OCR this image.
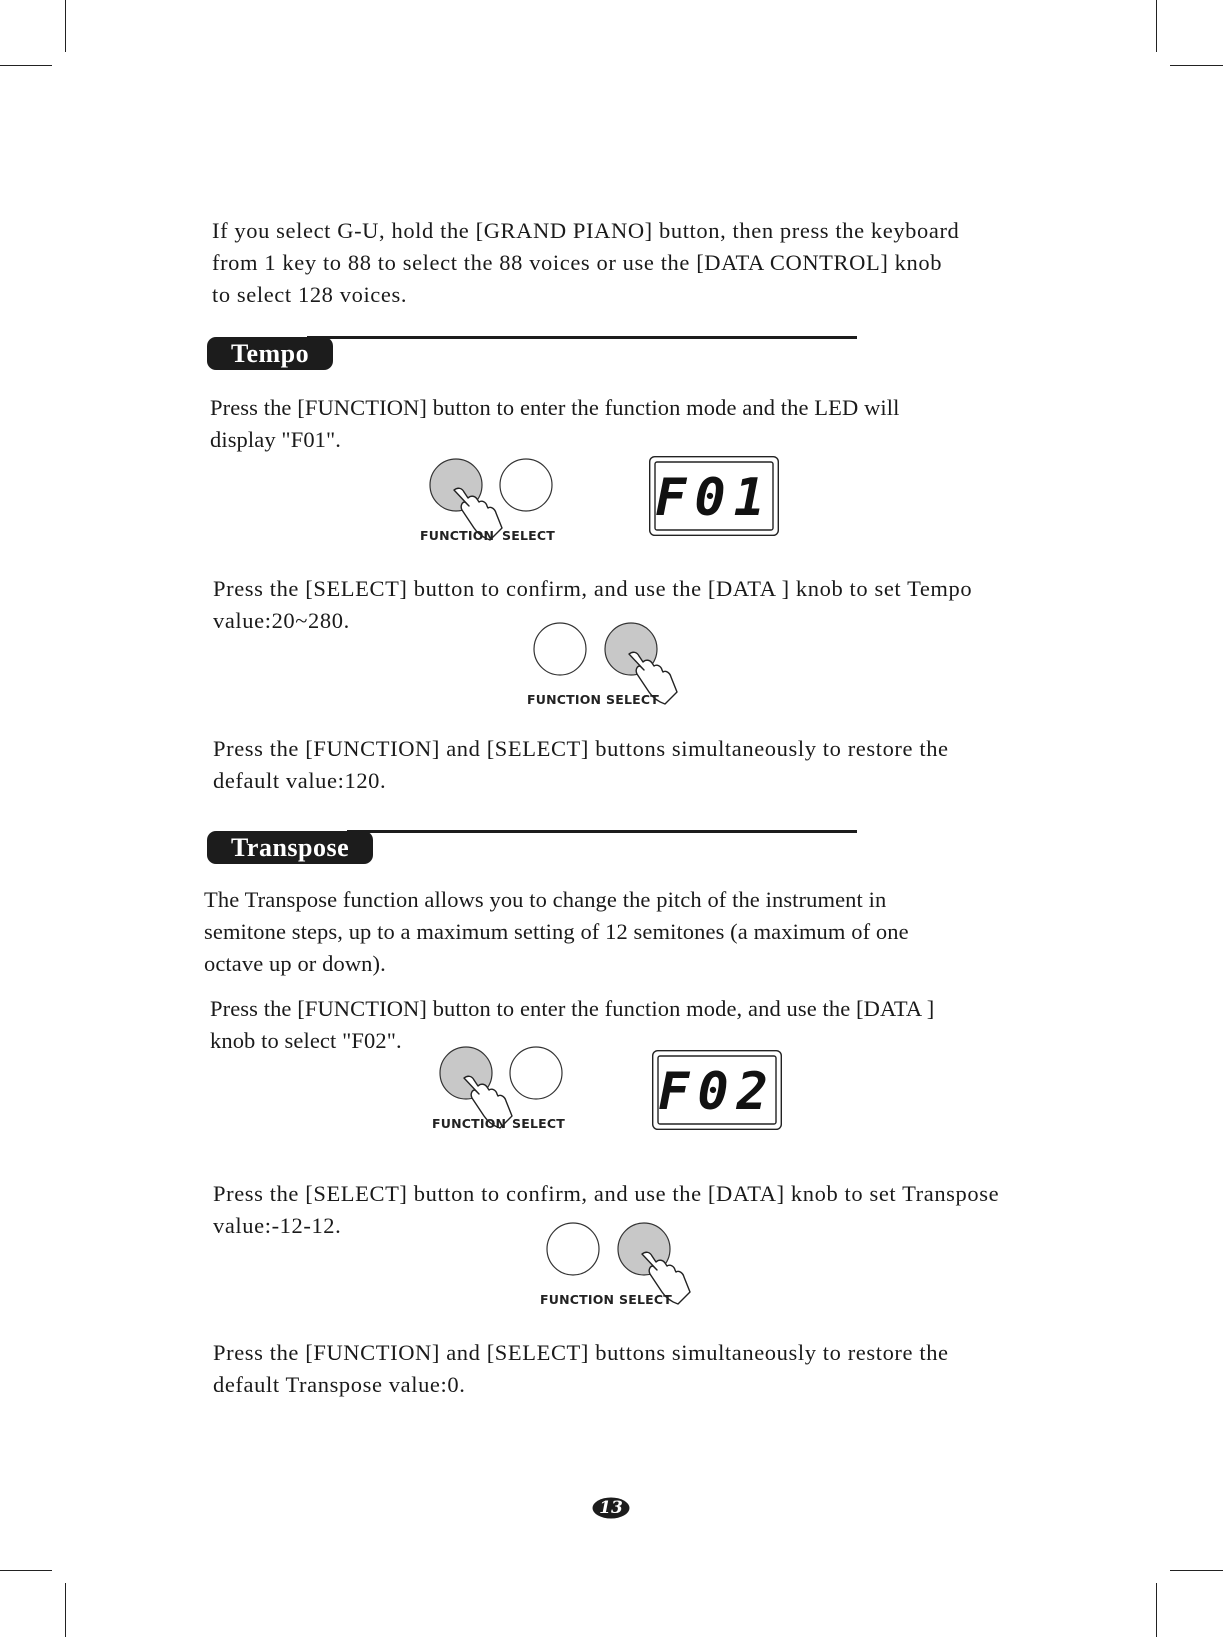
If you select G-U, hold the [GRAND PIANO] button, then press the keyboard
from 1 key to 88 to select the 88 voices or use the [DATA CONTROL] knob
to select 128 voices.
Tempo
Press the [FUNCTION] button to enter the function mode and the LED will
display "F01".
FUNCTION SELECT
F01
Press the [SELECT] button to confirm, and use the [DATA ] knob to set Tempo
value:20~280.
FUNCTION SELECT
Press the [FUNCTION] and [SELECT] buttons simultaneously to restore the
default value:120.
Transpose
The Transpose function allows you to change the pitch of the instrument in
semitone steps, up to a maximum setting of 12 semitones (a maximum of one
octave up or down).
Press the [FUNCTION] button to enter the function mode, and use the [DATA ]
knob to select "F02".
FUNCTION SELECT
F02
Press the [SELECT] button to confirm, and use the [DATA] knob to set Transpose
value:-12-12.
FUNCTION SELECT
Press the [FUNCTION] and [SELECT] buttons simultaneously to restore the
default Transpose value:0.
13
